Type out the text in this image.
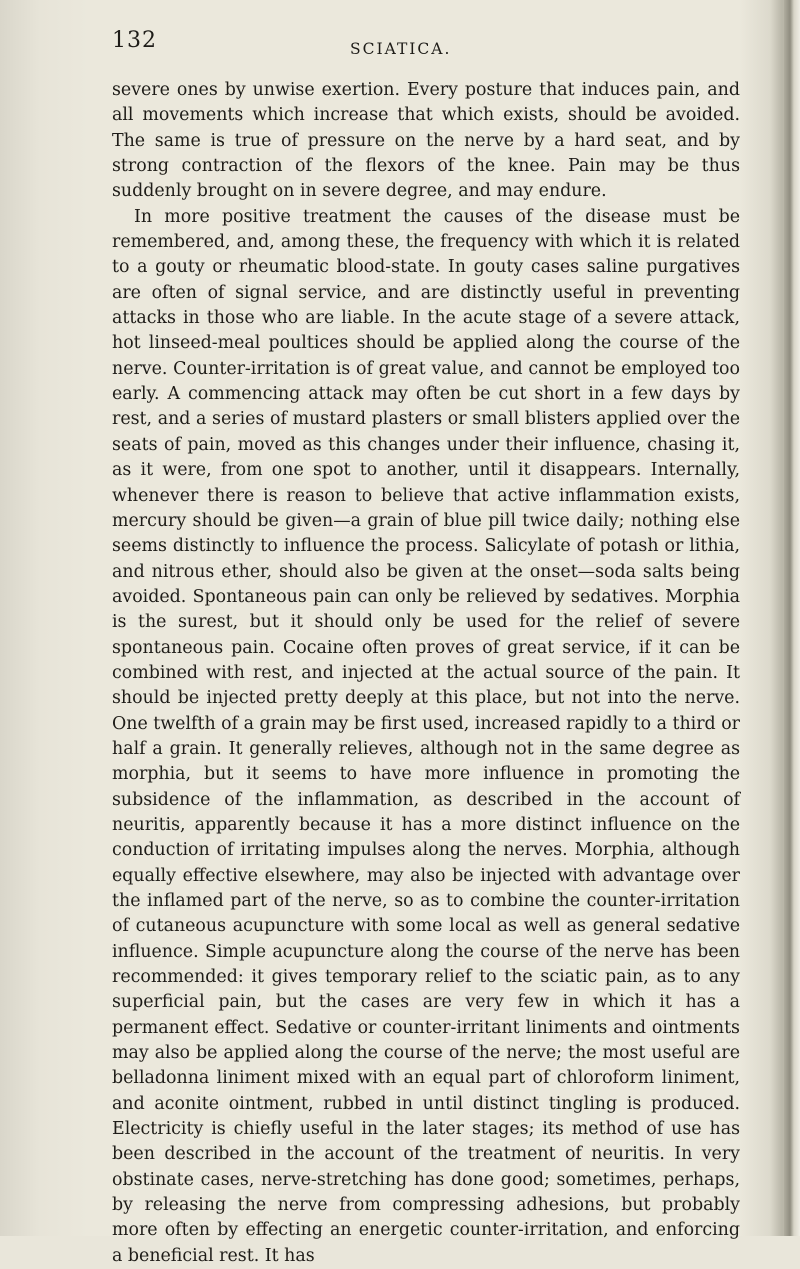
132	SCIATICA.

severe ones by unwise exertion. Every posture that induces pain, and all movements which increase that which exists, should be avoided. The same is true of pressure on the nerve by a hard seat, and by strong contraction of the flexors of the knee. Pain may be thus suddenly brought on in severe degree, and may endure.

In more positive treatment the causes of the disease must be remembered, and, among these, the frequency with which it is related to a gouty or rheumatic blood-state. In gouty cases saline purgatives are often of signal service, and are distinctly useful in preventing attacks in those who are liable. In the acute stage of a severe attack, hot linseed-meal poultices should be applied along the course of the nerve. Counter-irritation is of great value, and cannot be employed too early. A commencing attack may often be cut short in a few days by rest, and a series of mustard plasters or small blisters applied over the seats of pain, moved as this changes under their influence, chasing it, as it were, from one spot to another, until it disappears. Internally, whenever there is reason to believe that active inflammation exists, mercury should be given—a grain of blue pill twice daily; nothing else seems distinctly to influence the process. Salicylate of potash or lithia, and nitrous ether, should also be given at the onset—soda salts being avoided. Spontaneous pain can only be relieved by sedatives. Morphia is the surest, but it should only be used for the relief of severe spontaneous pain. Cocaine often proves of great service, if it can be combined with rest, and injected at the actual source of the pain. It should be injected pretty deeply at this place, but not into the nerve. One twelfth of a grain may be first used, increased rapidly to a third or half a grain. It generally relieves, although not in the same degree as morphia, but it seems to have more influence in promoting the subsidence of the inflammation, as described in the account of neuritis, apparently because it has a more distinct influence on the conduction of irritating impulses along the nerves. Morphia, although equally effective elsewhere, may also be injected with advantage over the inflamed part of the nerve, so as to combine the counter-irritation of cutaneous acupuncture with some local as well as general sedative influence. Simple acupuncture along the course of the nerve has been recommended: it gives temporary relief to the sciatic pain, as to any superficial pain, but the cases are very few in which it has a permanent effect. Sedative or counter-irritant liniments and ointments may also be applied along the course of the nerve; the most useful are belladonna liniment mixed with an equal part of chloroform liniment, and aconite ointment, rubbed in until distinct tingling is produced. Electricity is chiefly useful in the later stages; its method of use has been described in the account of the treatment of neuritis. In very obstinate cases, nerve-stretching has done good; sometimes, perhaps, by releasing the nerve from compressing adhesions, but probably more often by effecting an energetic counter-irritation, and enforcing a beneficial rest. It has
